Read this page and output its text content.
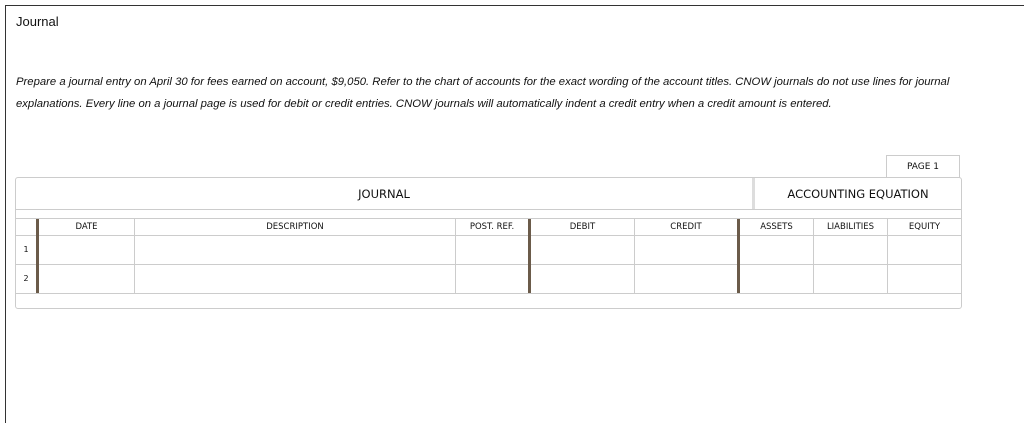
Journal
Prepare a journal entry on April 30 for fees earned on account, $9,050. Refer to the chart of accounts for the exact wording of the account titles. CNOW journals do not use lines for journal explanations. Every line on a journal page is used for debit or credit entries. CNOW journals will automatically indent a credit entry when a credit amount is entered.
PAGE 1
JOURNAL	ACCOUNTING EQUATION
DATE	DESCRIPTION	POST. REF.	DEBIT	CREDIT	ASSETS	LIABILITIES	EQUITY
1
2
